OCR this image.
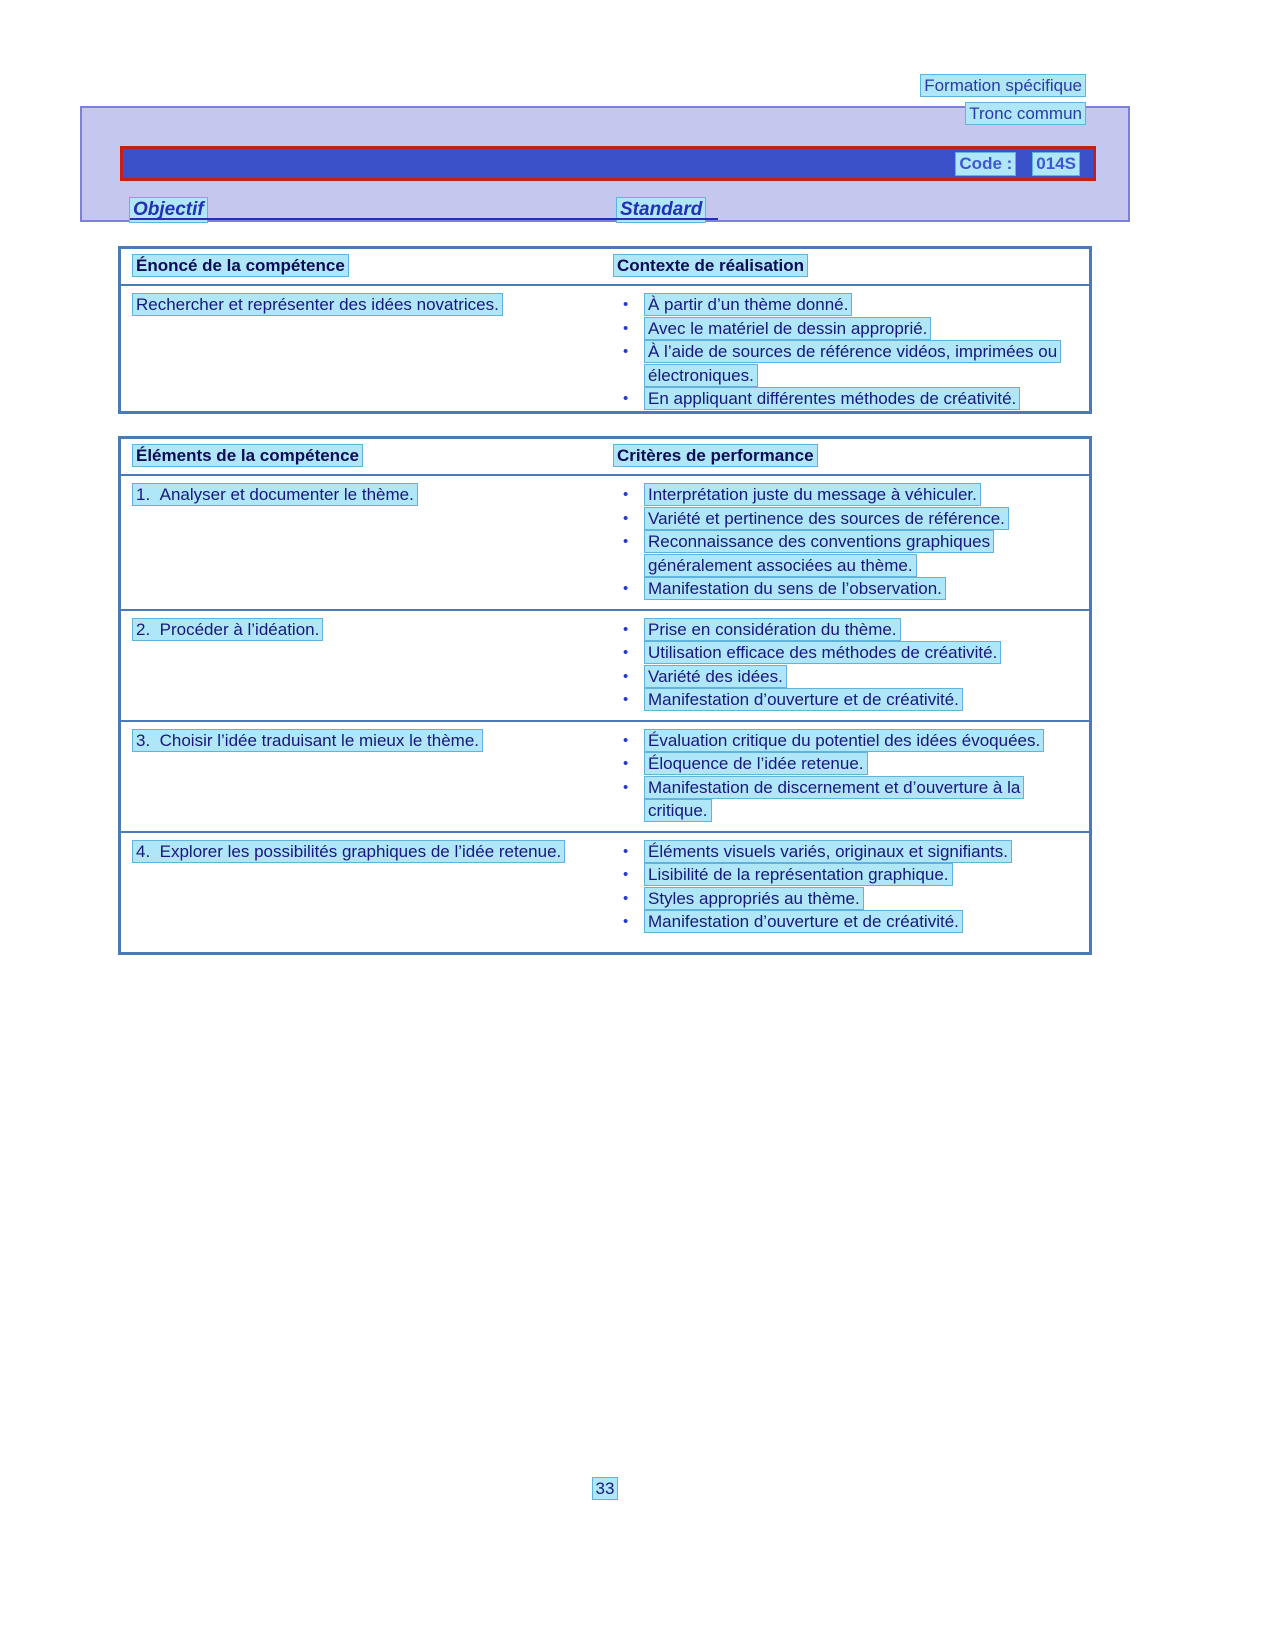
Formation spécifique
Tronc commun
Code : 014S
Objectif	Standard
Énoncé de la compétence	Contexte de réalisation
Rechercher et représenter des idées novatrices.	•	À partir d’un thème donné.
•	Avec le matériel de dessin approprié.
•	À l’aide de sources de référence vidéos, imprimées ou électroniques.
•	En appliquant différentes méthodes de créativité.
Éléments de la compétence	Critères de performance
1.  Analyser et documenter le thème.	•	Interprétation juste du message à véhiculer.
•	Variété et pertinence des sources de référence.
•	Reconnaissance des conventions graphiques généralement associées au thème.
•	Manifestation du sens de l’observation.
2.  Procéder à l’idéation.	•	Prise en considération du thème.
•	Utilisation efficace des méthodes de créativité.
•	Variété des idées.
•	Manifestation d’ouverture et de créativité.
3.  Choisir l’idée traduisant le mieux le thème.	•	Évaluation critique du potentiel des idées évoquées.
•	Éloquence de l’idée retenue.
•	Manifestation de discernement et d’ouverture à la critique.
4.  Explorer les possibilités graphiques de l’idée retenue.	•	Éléments visuels variés, originaux et signifiants.
•	Lisibilité de la représentation graphique.
•	Styles appropriés au thème.
•	Manifestation d’ouverture et de créativité.
33
